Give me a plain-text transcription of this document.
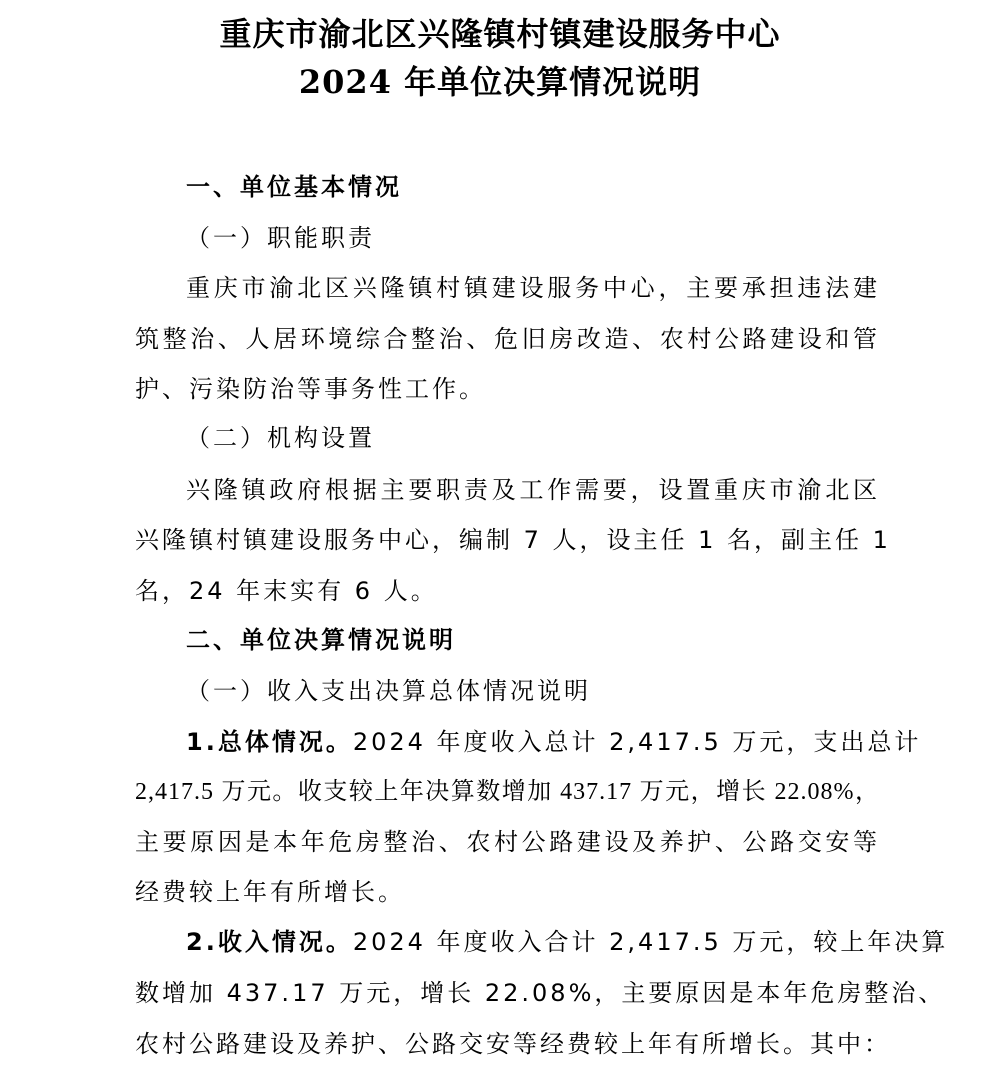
重庆市渝北区兴隆镇村镇建设服务中心
2024 年单位决算情况说明
一、单位基本情况
（一）职能职责
重庆市渝北区兴隆镇村镇建设服务中心，主要承担违法建
筑整治、人居环境综合整治、危旧房改造、农村公路建设和管
护、污染防治等事务性工作。
（二）机构设置
兴隆镇政府根据主要职责及工作需要，设置重庆市渝北区
兴隆镇村镇建设服务中心，编制 7 人，设主任 1 名，副主任 1
名，24 年末实有 6 人。
二、单位决算情况说明
（一）收入支出决算总体情况说明
1.总体情况。2024 年度收入总计 2,417.5 万元，支出总计
2,417.5 万元。收支较上年决算数增加 437.17 万元，增长 22.08%，
主要原因是本年危房整治、农村公路建设及养护、公路交安等
经费较上年有所增长。
2.收入情况。2024 年度收入合计 2,417.5 万元，较上年决算
数增加 437.17 万元，增长 22.08%，主要原因是本年危房整治、
农村公路建设及养护、公路交安等经费较上年有所增长。其中：
